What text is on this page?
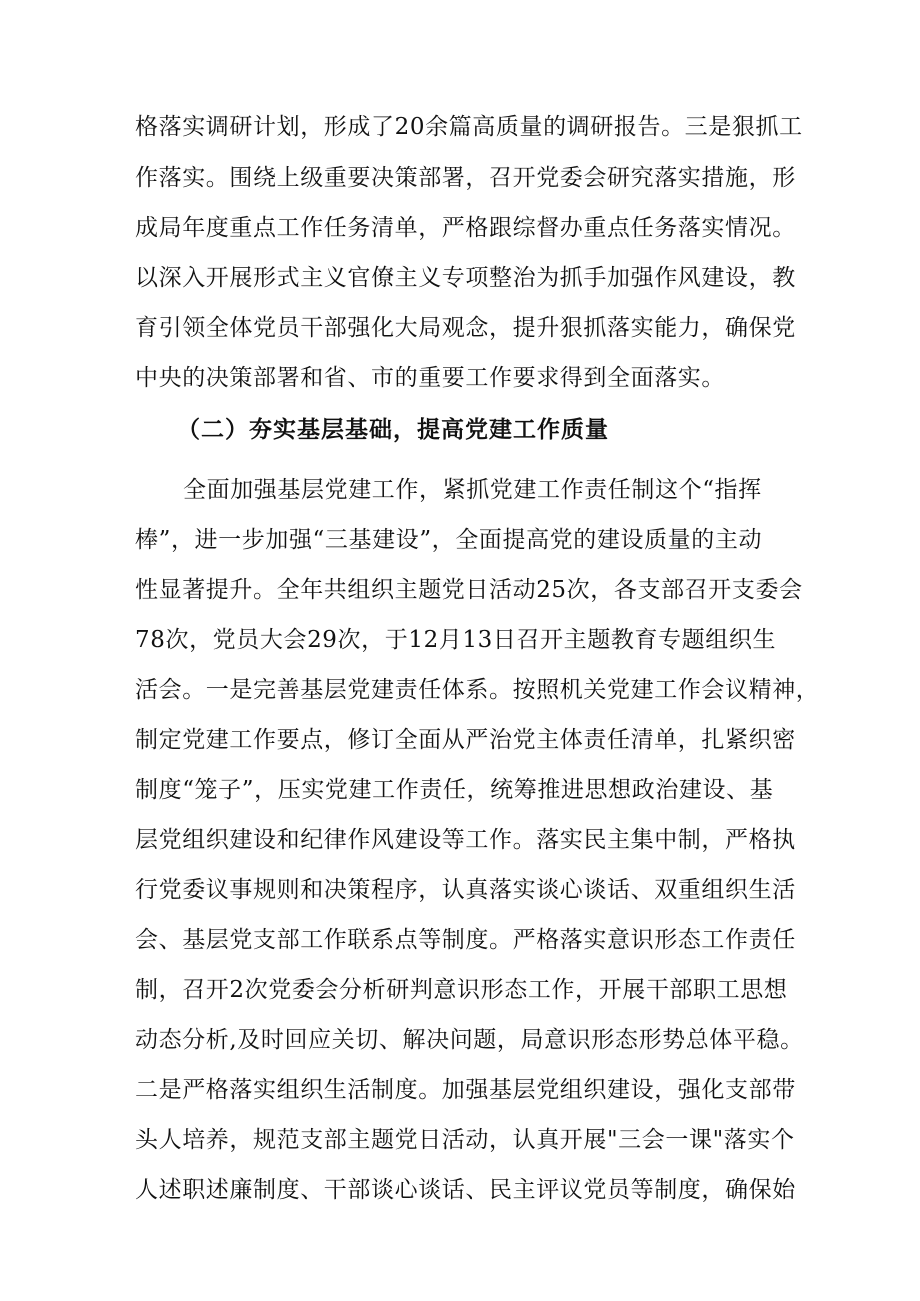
格落实调研计划，形成了20余篇高质量的调研报告。三是狠抓工
作落实。围绕上级重要决策部署，召开党委会研究落实措施，形
成局年度重点工作任务清单，严格跟综督办重点任务落实情况。
以深入开展形式主义官僚主义专项整治为抓手加强作风建设，教
育引领全体党员干部强化大局观念，提升狠抓落实能力，确保党
中央的决策部署和省、市的重要工作要求得到全面落实。
（二）夯实基层基础，提高党建工作质量
全面加强基层党建工作，紧抓党建工作责任制这个“指挥
棒”，进一步加强“三基建设”，全面提高党的建设质量的主动
性显著提升。全年共组织主题党日活动25次，各支部召开支委会
78次，党员大会29次，于12月13日召开主题教育专题组织生
活会。一是完善基层党建责任体系。按照机关党建工作会议精神，
制定党建工作要点，修订全面从严治党主体责任清单，扎紧织密
制度“笼子”，压实党建工作责任，统筹推进思想政治建设、基
层党组织建设和纪律作风建设等工作。落实民主集中制，严格执
行党委议事规则和决策程序，认真落实谈心谈话、双重组织生活
会、基层党支部工作联系点等制度。严格落实意识形态工作责任
制，召开2次党委会分析研判意识形态工作，开展干部职工思想
动态分析,及时回应关切、解决问题，局意识形态形势总体平稳。
二是严格落实组织生活制度。加强基层党组织建设，强化支部带
头人培养，规范支部主题党日活动，认真开展"三会一课"落实个
人述职述廉制度、干部谈心谈话、民主评议党员等制度，确保始
